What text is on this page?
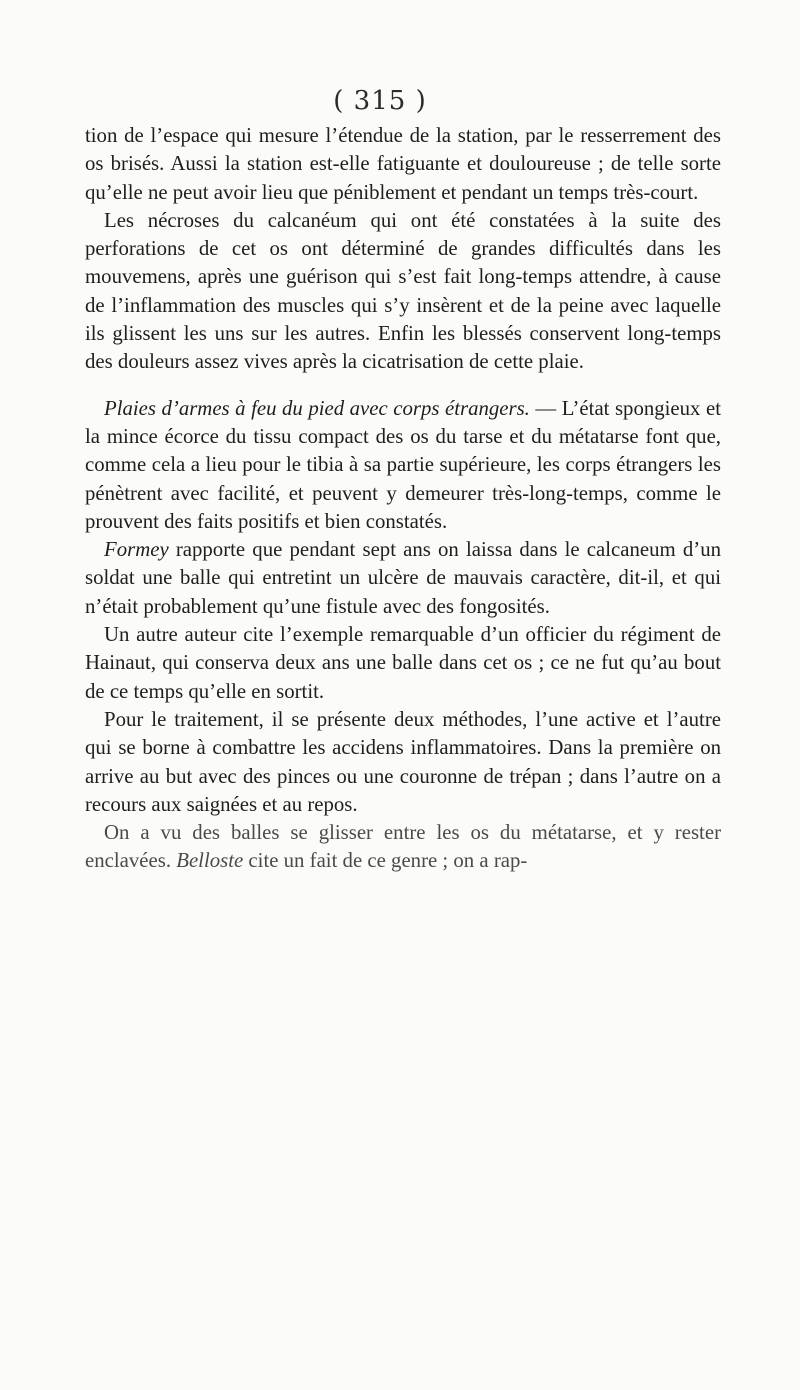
( 315 )

tion de l’espace qui mesure l’étendue de la station, par le resserrement des os brisés. Aussi la station est-elle fatiguante et douloureuse ; de telle sorte qu’elle ne peut avoir lieu que péniblement et pendant un temps très-court.

Les nécroses du calcanéum qui ont été constatées à la suite des perforations de cet os ont déterminé de grandes difficultés dans les mouvemens, après une guérison qui s’est fait long-temps attendre, à cause de l’inflammation des muscles qui s’y insèrent et de la peine avec laquelle ils glissent les uns sur les autres. Enfin les blessés conservent long-temps des douleurs assez vives après la cicatrisation de cette plaie.

Plaies d’armes à feu du pied avec corps étrangers. — L’état spongieux et la mince écorce du tissu compact des os du tarse et du métatarse font que, comme cela a lieu pour le tibia à sa partie supérieure, les corps étrangers les pénètrent avec facilité, et peuvent y demeurer très-long-temps, comme le prouvent des faits positifs et bien constatés.

Formey rapporte que pendant sept ans on laissa dans le calcaneum d’un soldat une balle qui entretint un ulcère de mauvais caractère, dit-il, et qui n’était probablement qu’une fistule avec des fongosités.

Un autre auteur cite l’exemple remarquable d’un officier du régiment de Hainaut, qui conserva deux ans une balle dans cet os ; ce ne fut qu’au bout de ce temps qu’elle en sortit.

Pour le traitement, il se présente deux méthodes, l’une active et l’autre qui se borne à combattre les accidens inflammatoires. Dans la première on arrive au but avec des pinces ou une couronne de trépan ; dans l’autre on a recours aux saignées et au repos.

On a vu des balles se glisser entre les os du métatarse, et y rester enclavées. Belloste cite un fait de ce genre ; on a rap-
